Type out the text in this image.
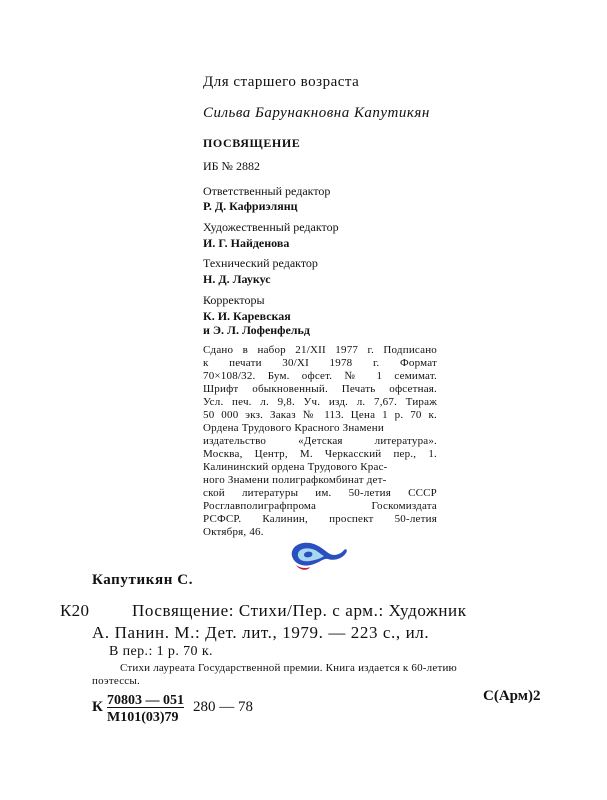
Для старшего возраста
Сильва Барунакновна Капутикян
ПОСВЯЩЕНИЕ
ИБ № 2882
Ответственный редактор
Р. Д. Кафриэлянц
Художественный редактор
И. Г. Найденова
Технический редактор
Н. Д. Лаукус
Корректоры
К. И. Каревская
и Э. Л. Лофенфельд
Сдано в набор 21/XII 1977 г. Подписано
к печати 30/XI 1978 г. Формат
70×108/32. Бум. офсет. № 1 семимат.
Шрифт обыкновенный. Печать офсетная.
Усл. печ. л. 9,8. Уч. изд. л. 7,67. Тираж
50 000 экз. Заказ № 113. Цена 1 р. 70 к.
Ордена Трудового Красного Знамени
издательство «Детская литература».
Москва, Центр, М. Черкасский пер., 1.
Калининский ордена Трудового Крас-
ного Знамени полиграфкомбинат дет-
ской литературы им. 50-летия СССР
Росглавполиграфпрома Госкомиздата
РСФСР. Калинин, проспект 50-летия
Октября, 46.
Капутикян С.
К20	Посвящение: Стихи/Пер. с арм.: Художник
А. Панин. М.: Дет. лит., 1979. — 223 с., ил.
В пер.: 1 р. 70 к.
Стихи лауреата Государственной премии. Книга издается к 60-летию
поэтессы.
К 70803 — 051
М101(03)79
280 — 78
С(Арм)2
